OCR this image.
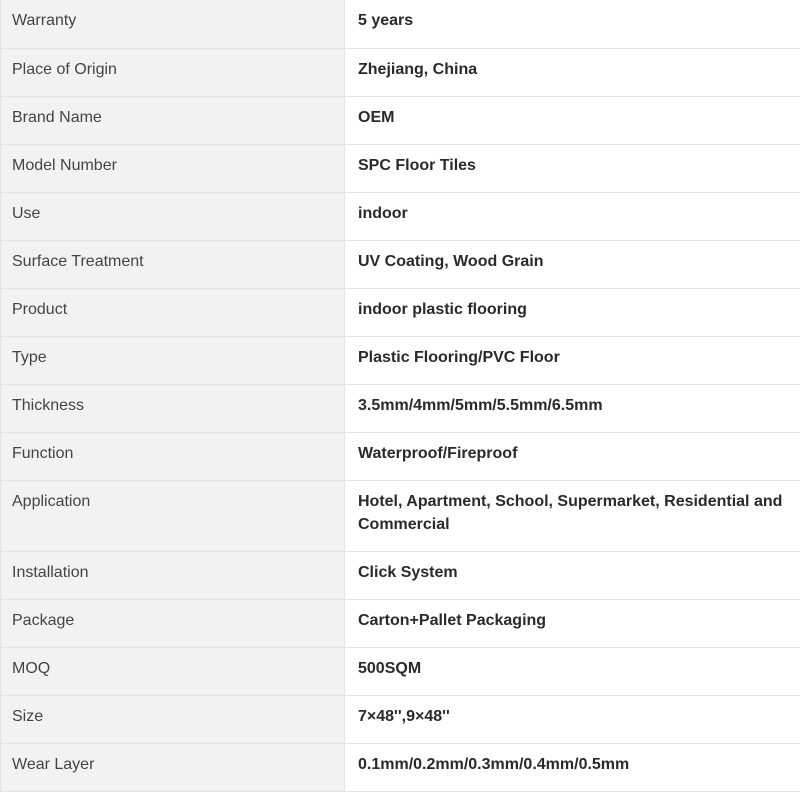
Warranty	5 years
Place of Origin	Zhejiang, China
Brand Name	OEM
Model Number	SPC Floor Tiles
Use	indoor
Surface Treatment	UV Coating, Wood Grain
Product	indoor plastic flooring
Type	Plastic Flooring/PVC Floor
Thickness	3.5mm/4mm/5mm/5.5mm/6.5mm
Function	Waterproof/Fireproof
Application	Hotel, Apartment, School, Supermarket, Residential and Commercial
Installation	Click System
Package	Carton+Pallet Packaging
MOQ	500SQM
Size	7×48'',9×48''
Wear Layer	0.1mm/0.2mm/0.3mm/0.4mm/0.5mm
